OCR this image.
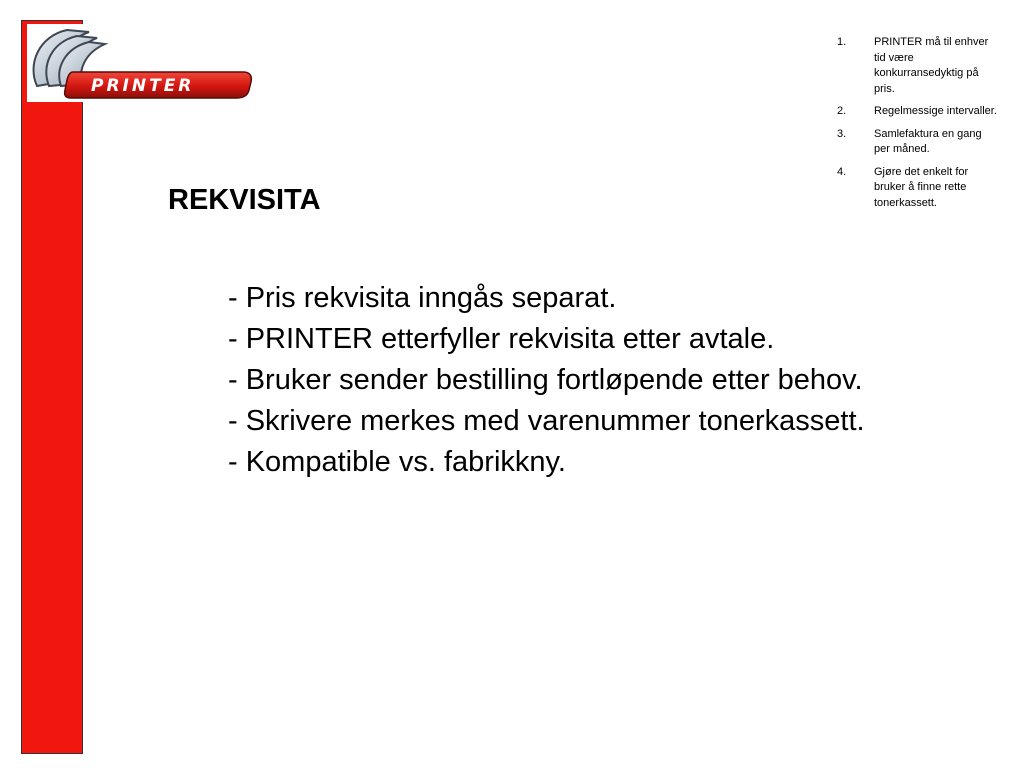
PRINTER
REKVISITA
1.	PRINTER må til enhver tid være konkurransedyktig på pris.
2.	Regelmessige intervaller.
3.	Samlefaktura en gang per måned.
4.	Gjøre det enkelt for bruker å finne rette tonerkassett.
- Pris rekvisita inngås separat.
- PRINTER etterfyller rekvisita etter avtale.
- Bruker sender bestilling fortløpende etter behov.
- Skrivere merkes med varenummer tonerkassett.
- Kompatible vs. fabrikkny.
